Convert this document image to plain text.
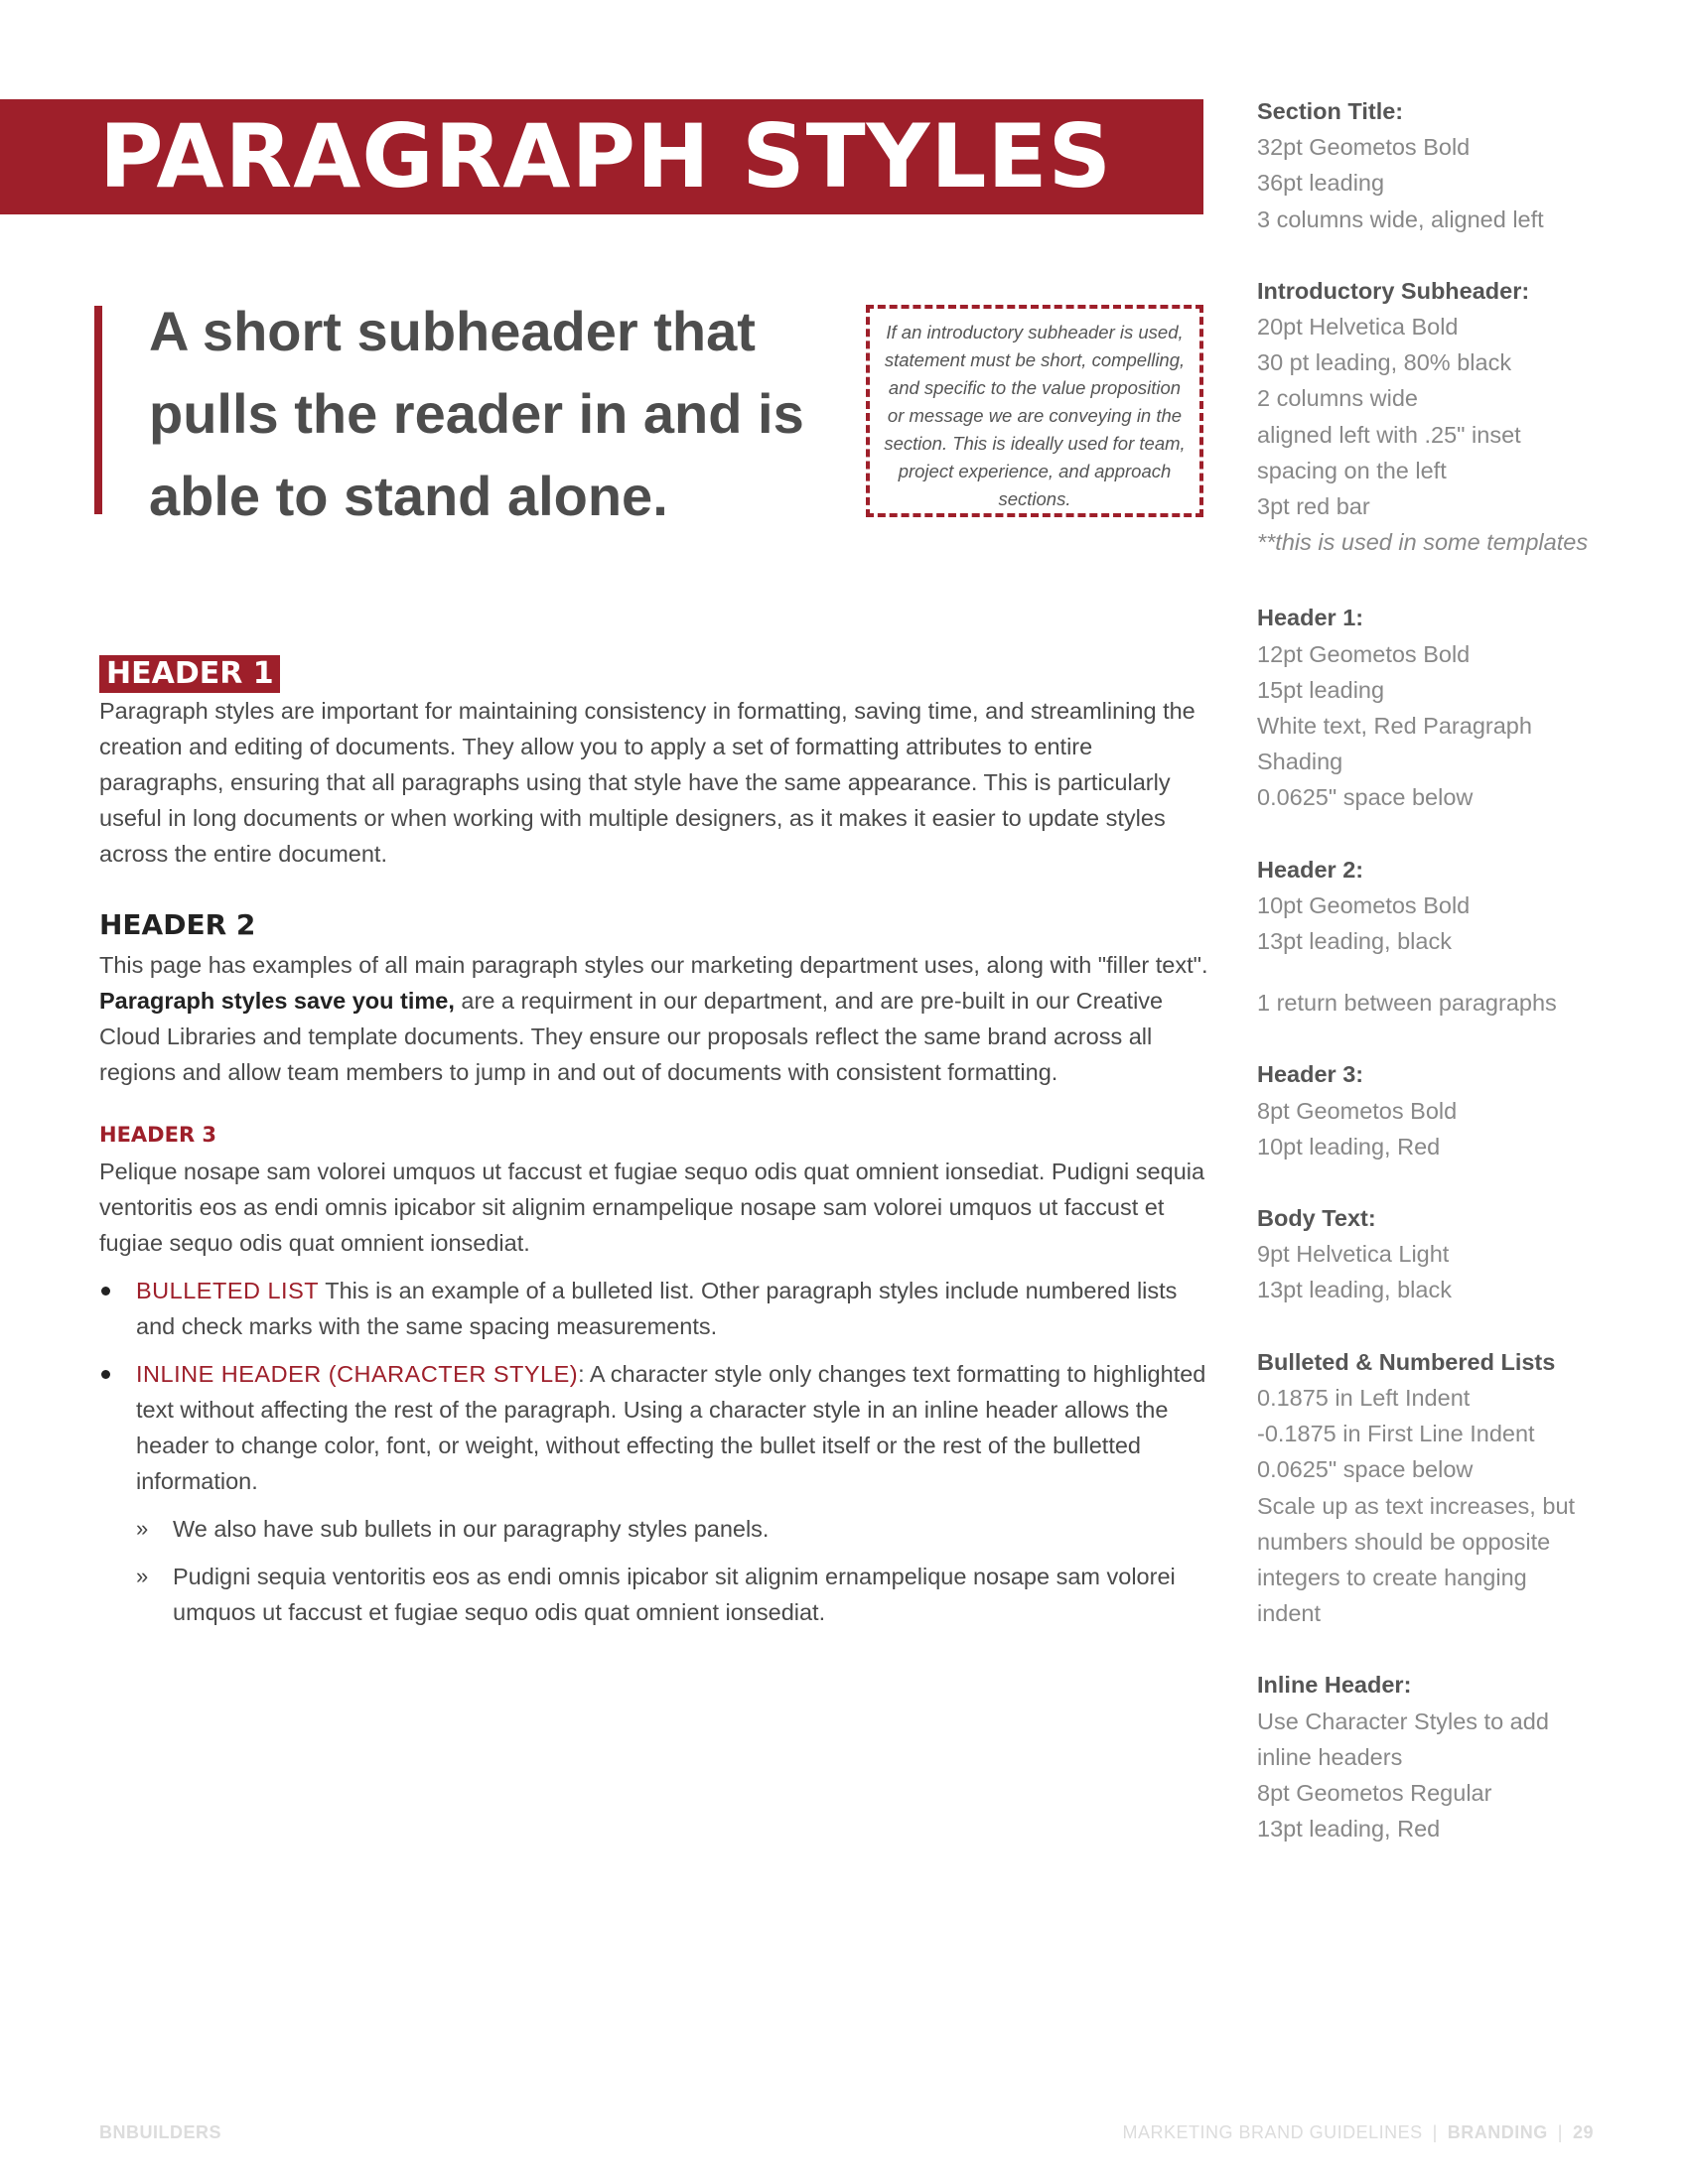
PARAGRAPH STYLES
A short subheader that pulls the reader in and is able to stand alone.
If an introductory subheader is used, statement must be short, compelling, and specific to the value proposition or message we are conveying in the section. This is ideally used for team, project experience, and approach sections.
HEADER 1

Paragraph styles are important for maintaining consistency in formatting, saving time, and streamlining the creation and editing of documents. They allow you to apply a set of formatting attributes to entire paragraphs, ensuring that all paragraphs using that style have the same appearance. This is particularly useful in long documents or when working with multiple designers, as it makes it easier to update styles across the entire document.

HEADER 2

This page has examples of all main paragraph styles our marketing department uses, along with "filler text". Paragraph styles save you time, are a requirment in our department, and are pre-built in our Creative Cloud Libraries and template documents. They ensure our proposals reflect the same brand across all regions and allow team members to jump in and out of documents with consistent formatting.

HEADER 3

Pelique nosape sam volorei umquos ut faccust et fugiae sequo odis quat omnient ionsediat. Pudigni sequia ventoritis eos as endi omnis ipicabor sit alignim ernampelique nosape sam volorei umquos ut faccust et fugiae sequo odis quat omnient ionsediat.

BULLETED LIST This is an example of a bulleted list. Other paragraph styles include numbered lists and check marks with the same spacing measurements.
INLINE HEADER (CHARACTER STYLE): A character style only changes text formatting to highlighted text without affecting the rest of the paragraph. Using a character style in an inline header allows the header to change color, font, or weight, without effecting the bullet itself or the rest of the bulletted information.
» We also have sub bullets in our paragraphy styles panels.
» Pudigni sequia ventoritis eos as endi omnis ipicabor sit alignim ernampelique nosape sam volorei umquos ut faccust et fugiae sequo odis quat omnient ionsediat.
Section Title:
32pt Geometos Bold
36pt leading
3 columns wide, aligned left
Introductory Subheader:
20pt Helvetica Bold
30 pt leading, 80% black
2 columns wide
aligned left with .25" inset spacing on the left
3pt red bar
**this is used in some templates
Header 1:
12pt Geometos Bold
15pt leading
White text, Red Paragraph Shading
0.0625" space below
Header 2:
10pt Geometos Bold
13pt leading, black
1 return between paragraphs
Header 3:
8pt Geometos Bold
10pt leading, Red
Body Text:
9pt Helvetica Light
13pt leading, black
Bulleted & Numbered Lists
0.1875 in Left Indent
-0.1875 in First Line Indent
0.0625" space below
Scale up as text increases, but numbers should be opposite integers to create hanging indent
Inline Header:
Use Character Styles to add inline headers
8pt Geometos Regular
13pt leading, Red
BNBUILDERS	MARKETING BRAND GUIDELINES | BRANDING | 29
